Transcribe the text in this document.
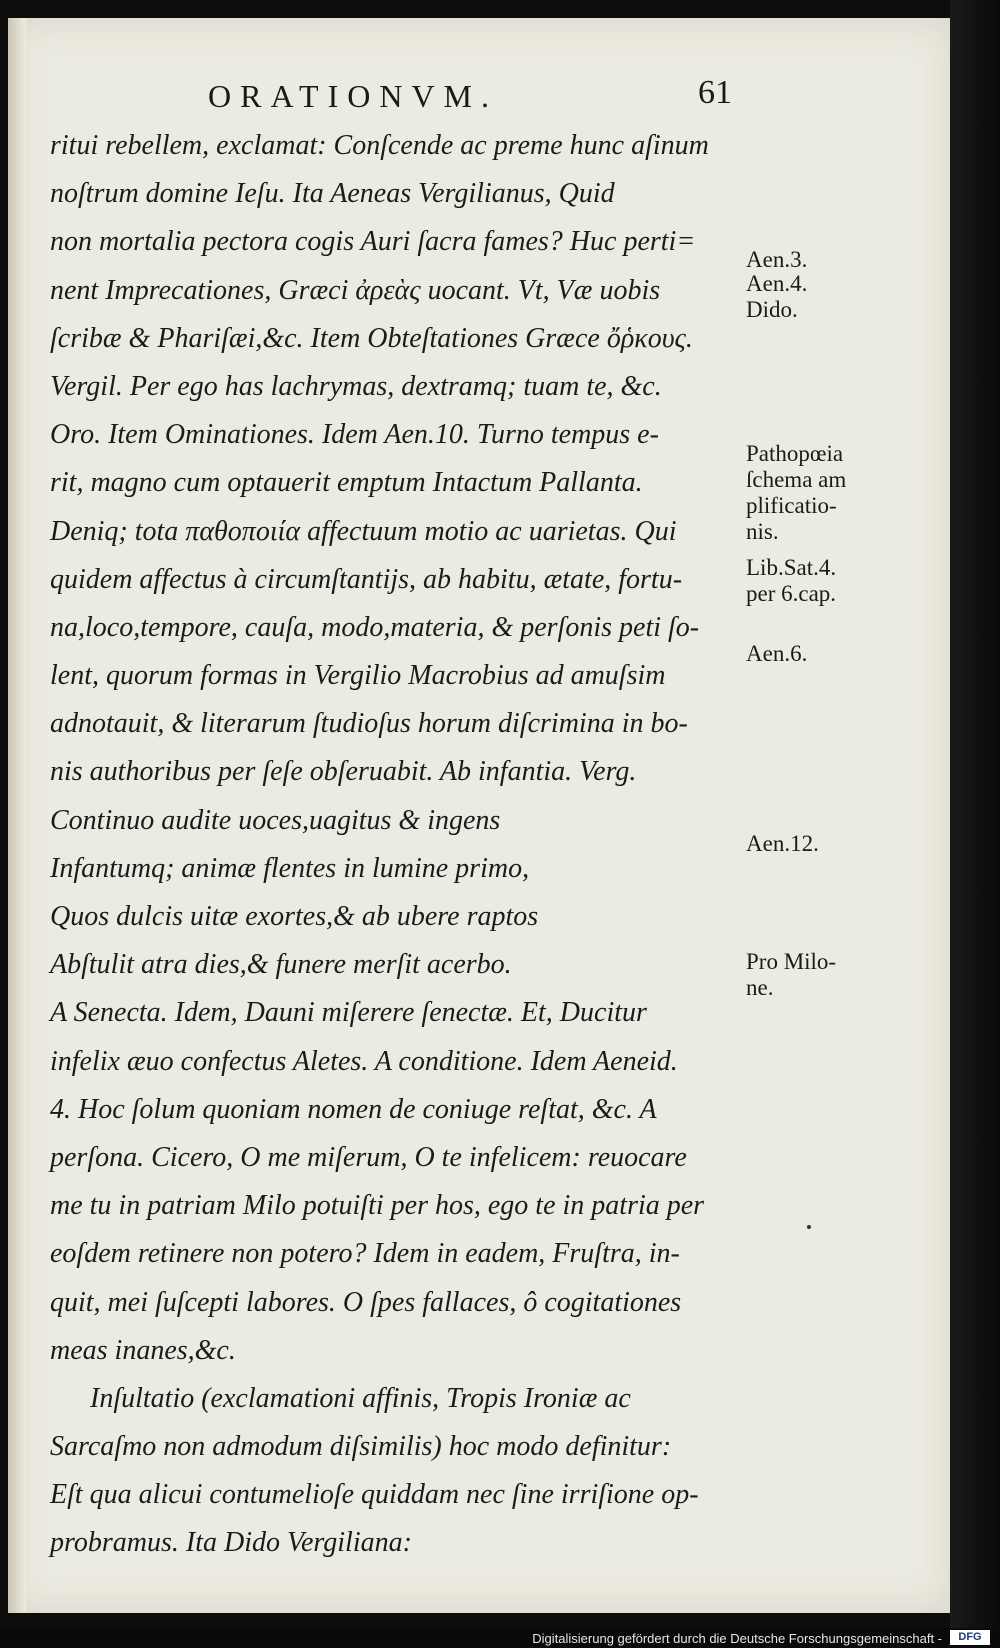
ORATIONVM.	61
ritui rebellem, exclamat: Conſcende ac preme hunc aſinum
noſtrum domine Ieſu. Ita Aeneas Vergilianus, Quid
non mortalia pectora cogis Auri ſacra fames? Huc perti=
nent Imprecationes, Græci ἀρεὰς uocant. Vt, Væ uobis
ſcribæ & Phariſæi,&c. Item Obteſtationes Græce ὄῥκους.
Vergil. Per ego has lachrymas, dextramq; tuam te, &c.
Oro. Item Ominationes. Idem Aen.10. Turno tempus e-
rit, magno cum optauerit emptum Intactum Pallanta.
Deniq; tota παθοποιία affectuum motio ac uarietas. Qui
quidem affectus à circumſtantijs, ab habitu, ætate, fortu-
na,loco,tempore, cauſa, modo,materia, & perſonis peti ſo-
lent, quorum formas in Vergilio Macrobius ad amuſsim
adnotauit, & literarum ſtudioſus horum diſcrimina in bo-
nis authoribus per ſeſe obſeruabit. Ab infantia. Verg.
Continuo audite uoces,uagitus & ingens
Infantumq; animæ flentes in lumine primo,
Quos dulcis uitæ exortes,& ab ubere raptos
Abſtulit atra dies,& funere merſit acerbo.
A Senecta. Idem, Dauni miſerere ſenectæ. Et, Ducitur
infelix æuo confectus Aletes. A conditione. Idem Aeneid.
4. Hoc ſolum quoniam nomen de coniuge reſtat, &c. A
perſona. Cicero, O me miſerum, O te infelicem: reuocare
me tu in patriam Milo potuiſti per hos, ego te in patria per
eoſdem retinere non potero? Idem in eadem, Fruſtra, in-
quit, mei ſuſcepti labores. O ſpes fallaces, ô cogitationes
meas inanes,&c.
Inſultatio (exclamationi affinis, Tropis Ironiæ ac
Sarcaſmo non admodum diſsimilis) hoc modo definitur:
Eſt qua alicui contumelioſe quiddam nec ſine irriſione op-
probramus. Ita Dido Vergiliana:
Aen.3.
Aen.4.
Dido.
Pathopœia
ſchema am
plificatio-
nis.
Lib.Sat.4.
per 6.cap.
Aen.6.
Aen.12.
Pro Milo-
ne.
Digitalisierung gefördert durch die Deutsche Forschungsgemeinschaft -	DFG
